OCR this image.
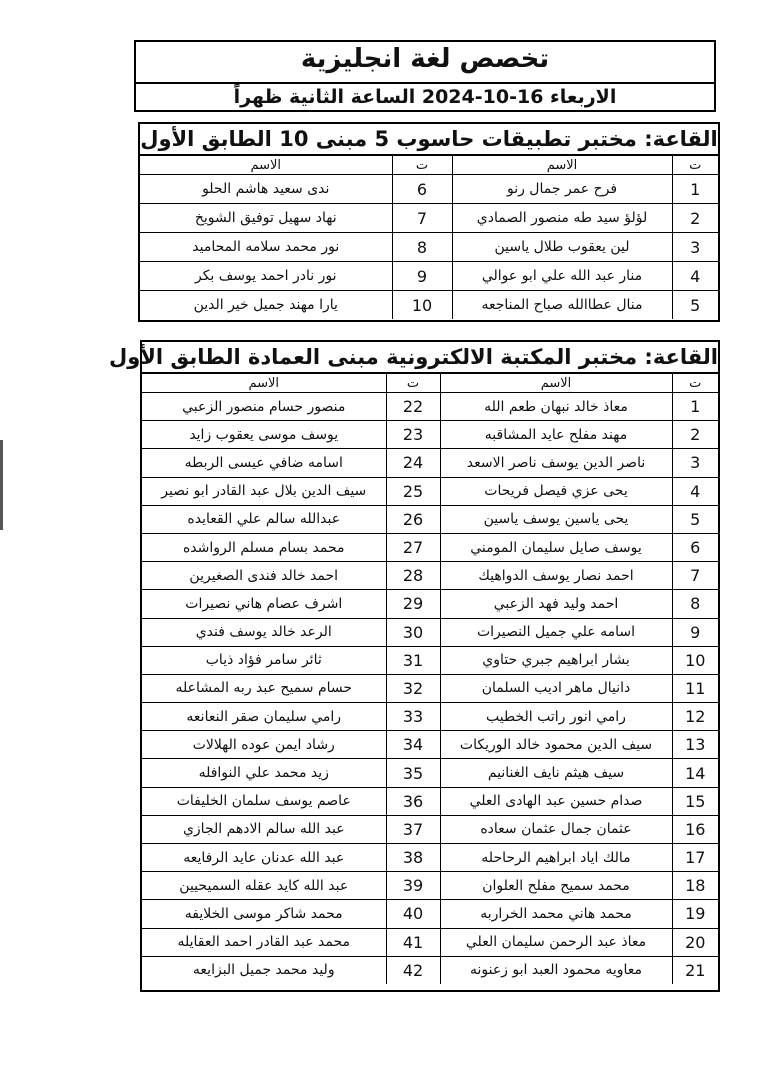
تخصص لغة انجليزية
الاربعاء 16-10-2024 الساعة الثانية ظهراً
القاعة: مختبر تطبيقات حاسوب 5 مبنى 10 الطابق الأول
ت	الاسم	ت	الاسم
1	فرح عمر جمال رنو	6	ندى سعيد هاشم الحلو
2	لؤلؤ سيد طه منصور الصمادي	7	نهاد سهيل توفيق الشويخ
3	لين يعقوب طلال ياسين	8	نور محمد سلامه المحاميد
4	منار عبد الله علي ابو عوالي	9	نور نادر احمد يوسف بكر
5	منال عطاالله صباح المناجعه	10	يارا مهند جميل خير الدين
القاعة: مختبر المكتبة الالكترونية مبنى العمادة الطابق الأول
ت	الاسم	ت	الاسم
1	معاذ خالد نبهان طعم الله	22	منصور حسام منصور الزعبي
2	مهند مفلح عايد المشاقبه	23	يوسف موسى يعقوب زايد
3	ناصر الدين يوسف ناصر الاسعد	24	اسامه ضافي عيسى الربطه
4	يحى عزي فيصل فريحات	25	سيف الدين بلال عبد القادر ابو نصير
5	يحى ياسين يوسف ياسين	26	عبدالله سالم علي القعايده
6	يوسف صايل سليمان المومني	27	محمد بسام مسلم الرواشده
7	احمد نصار يوسف الدواهيك	28	احمد خالد فندى الصغيرين
8	احمد وليد فهد الزعبي	29	اشرف عصام هاني نصيرات
9	اسامه علي جميل النصيرات	30	الرعد خالد يوسف فندي
10	بشار ابراهيم جبري حتاوي	31	ثائر سامر فؤاد ذياب
11	دانيال ماهر اديب السلمان	32	حسام سميح عبد ربه المشاعله
12	رامي انور راتب الخطيب	33	رامي سليمان صقر النعانعه
13	سيف الدين محمود خالد الوريكات	34	رشاد ايمن عوده الهلالات
14	سيف هيثم نايف الغنانيم	35	زيد محمد علي النوافله
15	صدام حسين عبد الهادى العلي	36	عاصم يوسف سلمان الخليفات
16	عثمان جمال عثمان سعاده	37	عبد الله سالم الادهم الجازي
17	مالك اياد ابراهيم الرحاحله	38	عبد الله عدنان عايد الرفايعه
18	محمد سميح مفلح العلوان	39	عبد الله كايد عقله السميحيين
19	محمد هاني محمد الخراربه	40	محمد شاكر موسى الخلايفه
20	معاذ عبد الرحمن سليمان العلي	41	محمد عبد القادر احمد العقايله
21	معاويه محمود العبد ابو زعنونه	42	وليد محمد جميل البزايعه
